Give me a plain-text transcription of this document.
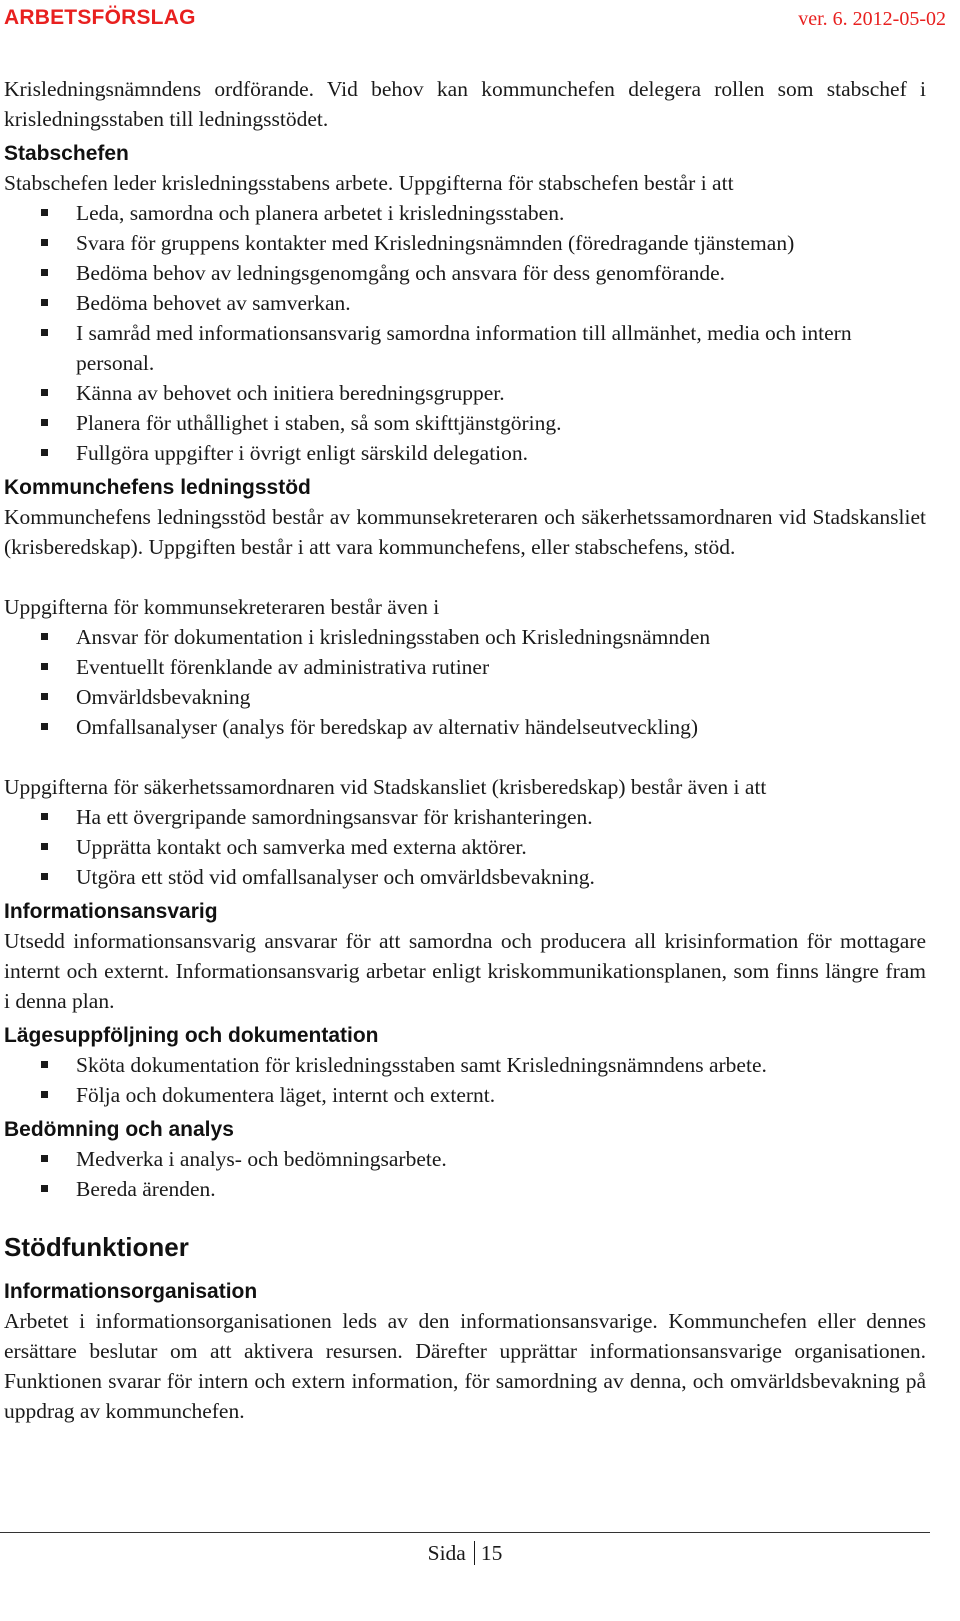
ARBETSFÖRSLAG	ver. 6. 2012-05-02

Krisledningsnämndens ordförande. Vid behov kan kommunchefen delegera rollen som stabschef i krisledningsstaben till ledningsstödet.

Stabschefen

Stabschefen leder krisledningsstabens arbete. Uppgifterna för stabschefen består i att

Leda, samordna och planera arbetet i krisledningsstaben.
Svara för gruppens kontakter med Krisledningsnämnden (föredragande tjänsteman)
Bedöma behov av ledningsgenomgång och ansvara för dess genomförande.
Bedöma behovet av samverkan.
I samråd med informationsansvarig samordna information till allmänhet, media och intern personal.
Känna av behovet och initiera beredningsgrupper.
Planera för uthållighet i staben, så som skifttjänstgöring.
Fullgöra uppgifter i övrigt enligt särskild delegation.
Kommunchefens ledningsstöd

Kommunchefens ledningsstöd består av kommunsekreteraren och säkerhetssamordnaren vid Stadskansliet (krisberedskap). Uppgiften består i att vara kommunchefens, eller stabschefens, stöd.

Uppgifterna för kommunsekreteraren består även i

Ansvar för dokumentation i krisledningsstaben och Krisledningsnämnden
Eventuellt förenklande av administrativa rutiner
Omvärldsbevakning
Omfallsanalyser (analys för beredskap av alternativ händelseutveckling)

Uppgifterna för säkerhetssamordnaren vid Stadskansliet (krisberedskap) består även i att

Ha ett övergripande samordningsansvar för krishanteringen.
Upprätta kontakt och samverka med externa aktörer.
Utgöra ett stöd vid omfallsanalyser och omvärldsbevakning.
Informationsansvarig

Utsedd informationsansvarig ansvarar för att samordna och producera all krisinformation för mottagare internt och externt. Informationsansvarig arbetar enligt kriskommunikationsplanen, som finns längre fram i denna plan.

Lägesuppföljning och dokumentation
Sköta dokumentation för krisledningsstaben samt Krisledningsnämndens arbete.
Följa och dokumentera läget, internt och externt.
Bedömning och analys
Medverka i analys- och bedömningsarbete.
Bereda ärenden.
Stödfunktioner
Informationsorganisation

Arbetet i informationsorganisationen leds av den informationsansvarige. Kommunchefen eller dennes ersättare beslutar om att aktivera resursen. Därefter upprättar informationsansvarige organisationen. Funktionen svarar för intern och extern information, för samordning av denna, och omvärldsbevakning på uppdrag av kommunchefen.

Sida 15
